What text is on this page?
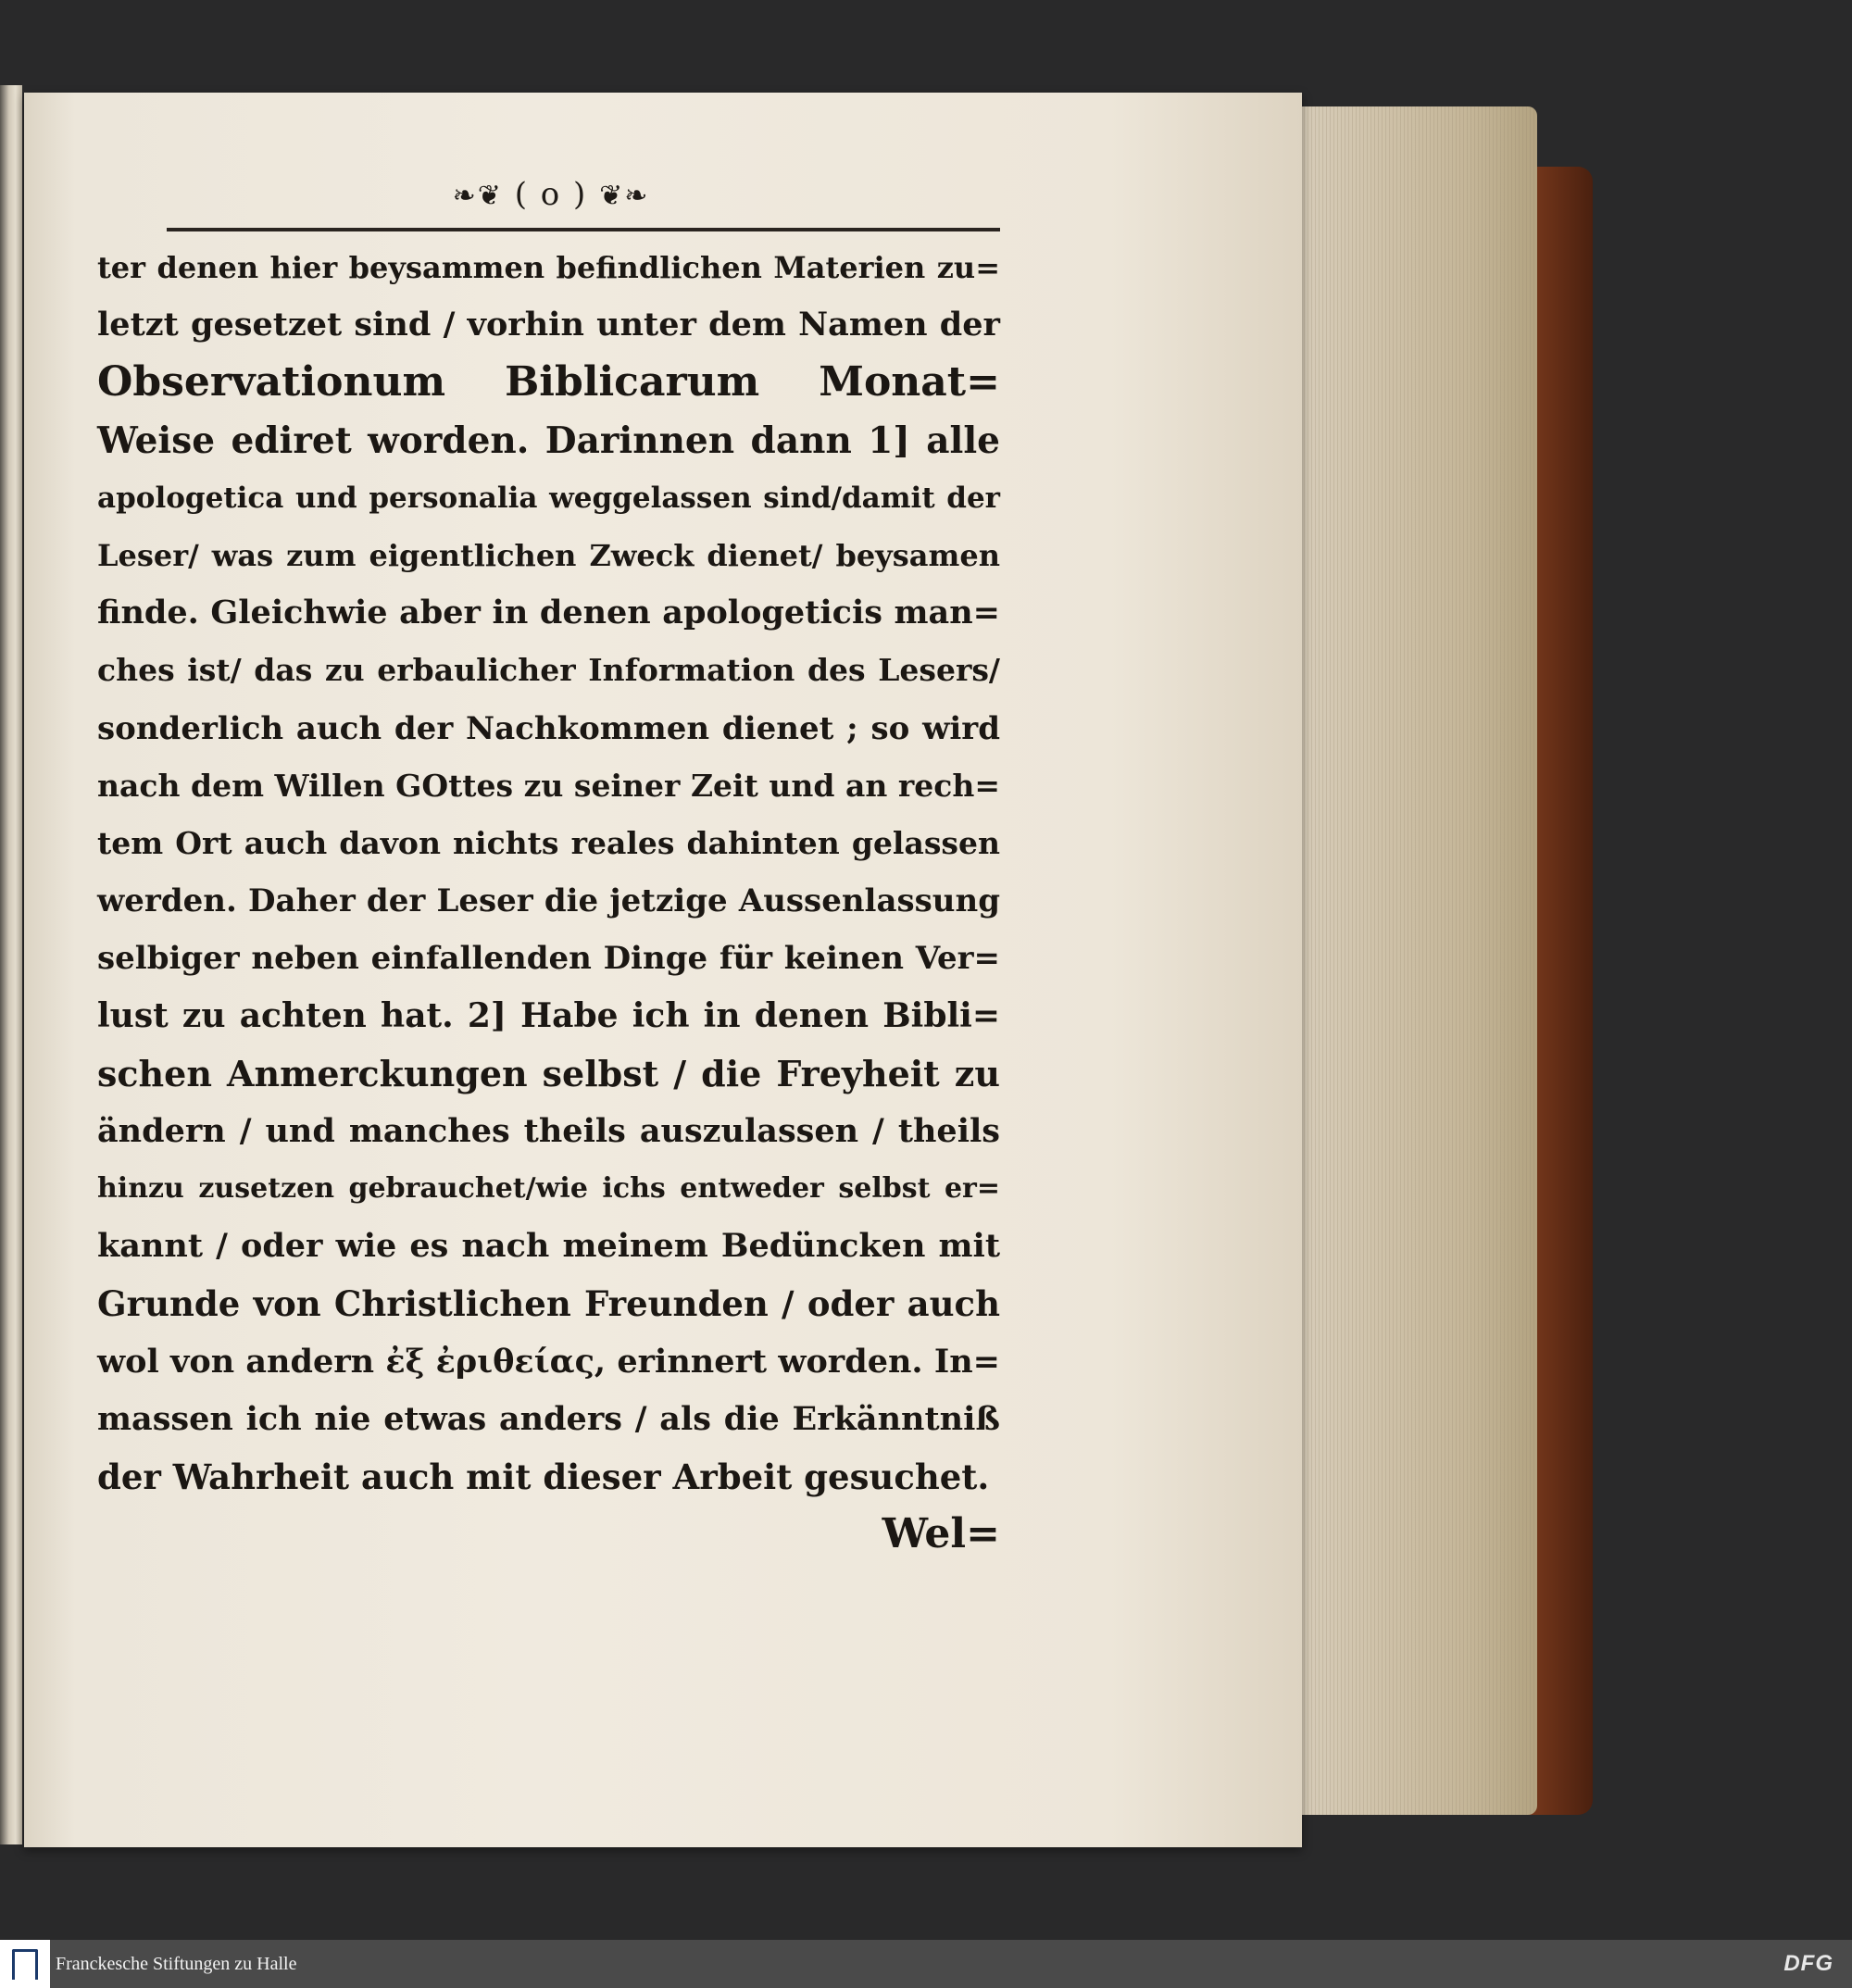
❧❦ ( o ) ❦❧
ter denen hier beysammen befindlichen Materien zu=
letzt gesetzet sind / vorhin unter dem Namen der
Observationum Biblicarum Monat=
Weise ediret worden. Darinnen dann 1] alle
apologetica und personalia weggelassen sind/damit der
Leser/ was zum eigentlichen Zweck dienet/ beysamen
finde. Gleichwie aber in denen apologeticis man=
ches ist/ das zu erbaulicher Information des Lesers/
sonderlich auch der Nachkommen dienet ; so wird
nach dem Willen GOttes zu seiner Zeit und an rech=
tem Ort auch davon nichts reales dahinten gelassen
werden. Daher der Leser die jetzige Aussenlassung
selbiger neben einfallenden Dinge für keinen Ver=
lust zu achten hat. 2] Habe ich in denen Bibli=
schen Anmerckungen selbst / die Freyheit zu
ändern / und manches theils auszulassen / theils
hinzu zusetzen gebrauchet/wie ichs entweder selbst er=
kannt / oder wie es nach meinem Bedüncken mit
Grunde von Christlichen Freunden / oder auch
wol von andern ἐξ ἐριθείας, erinnert worden. In=
massen ich nie etwas anders / als die Erkänntniß
der Wahrheit auch mit dieser Arbeit gesuchet.
Wel=
Franckesche Stiftungen zu Halle	DFG
